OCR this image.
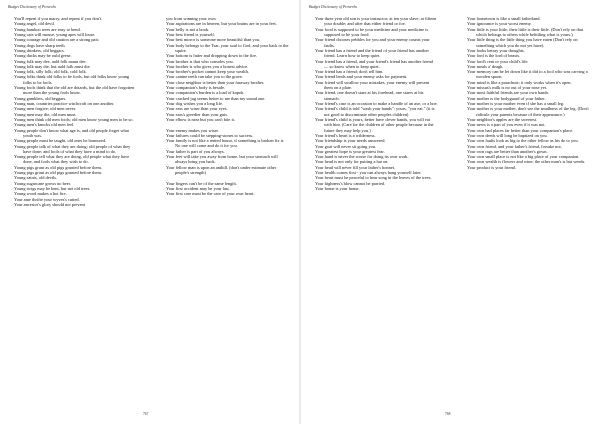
Budget Dictionary of Proverbs

You'll repent if you marry, and repent if you don't.

Young angel, old devil.

Young bamboo trees are easy to bend.

Young cats will mouse, young apes will louse.

Young courage and old caution are a strong pair.

Young dogs have sharp teeth.

Young drinkers, old beggars.

Young ducks may be ould geese.

Young folk may dee, auld folk maun dee.

Young folk may die, but auld folk must die.

Young folk, silly folk; old folk, cold folk.

Young folks think old folks to be fools, but old folks know young folks to be fools.

Young fools think that the old are dotards, but the old have forgotten more than the young fools know.

Young gamblers, old beggars.

Young man, countries practice witchcraft on one another.

Young men forgive; old men never.

Young men may die, old men must.

Young men think old men fools; old men know young men to be so.

Young men's knocks old men feel.

Young people don't know what age is, and old people forget what youth was.

Young people must be taught, old ones be honoured.

Young people talk of what they are doing; old people of what they have done; and fools of what they have a mind to do.

Young people tell what they are doing, old people what they have done, and fools what they wish to do.

Young pigs grunt as old pigs grunted before them.

Young pigs grunt as old pigs grunted before them.

Young saints, old devils.

Young sugarcane grows no beer.

Young twigs may be bent, but not old trees.

Young wood makes a hot fire.

Your ame thrifte your wyves's cutted.

Your ancestor's glory should not prevent

you from winning your own.

Your aspirations are in heaven, but your brains are in your feet.

Your belly is not a book.

Your best friend is yourself.

Your best mirror is someone more beautiful than you.

Your body belongs to the Tsar, your soul to God, and your back to the squire.

Your bottom is fatter and dropping down to the fire.

Your brother is that who consoles you.

Your brother is who gives you a honest advice.

Your brother's pocket cannot keep your wealth.

Your canine teeth can take you to the grave.

Your close neighbor is better than your faraway brother.

Your companion's body is beside.

Your companion's burden is a load of kapok.

Your cracked jug seems better to me than my sound one.

Your dog wishes you a long life.

Your ears are wiser than your eyes.

Your ears's greedier than your guts.

Your elbow is near but you can't bite it.

Your enemy makes you wiser.

Your failures could be stepping-stones to success.

Your family is not like a rented house, if something is broken fix it. No one will come and do it for you.

Your father is part of you always.

Your feet will take you away from home, but your stomach will always bring you back.

Your fellow man is upon an anthill. (don't under estimate other people's strength)

Your fingers can't be of the same length.

Your first accident may be your last.

Your first care must be the care of your own heart.

767
Budget Dictionary of Proverbs

Your three year old son is your instructor; at ten your slave; at fifteen your double; and after that either friend or foe.

Your food is supposed to be your medicine and your medicine is supposed to be your food.

Your friend chooses pebbles for you and your enemy counts your faults.

Your friend has a friend and the friend of your friend has another friend. Learn how to keep quiet.

Your friend has a friend, and your friend's friend has another friend — so know when to keep quiet.

Your friend has a friend; don't tell him.

Your friend lends and your enemy asks for payment.

Your friend will swallow your mistakes, your enemy will present them on a plate.

Your friend, one doesn't stare at his forehead, one stares at his stomach.

Your friend's case is an occasion to make a handle of an axe, or a hoe.

Your friend's child is told "wash your hands"; yours, "you eat." (it is not good to discriminate other peoples children)

Your friend's child is yours, better have clever hands, you will eat with him. (Care for the children of other people because in the future they may help you.)

Your friend's heart is a wilderness.

Your friendship is your needs answered.

Your goat will never sit going you.

Your greatest hope is your greatest fear.

Your hand is never the worse for doing its own work.

Your head is not only for putting a hat on.

Your head will never fill your father's bonnet.

Your health comes first - you can always hang yourself later.

Your heart must be peaceful to hear song in the leaves of the trees.

Your highness's blow cannot be parried.

Your home is your home.

Your hometown is like a small fatherland.

Your ignorance is your worst enemy.

Your little is your little, their little is their little. (Don't rely on that which belongs to others while belittling what is yours.)

Your little thing is the little thing you have eaten (Don't rely on something which you do not yet have).

Your looks betray your thoughts.

Your lord is the lord of beasts.

Your lord's rent or your child's life.

Your meals a' deagh.

Your memory can be let down like it did to a fool who was carving a wooden spoon.

Your mind is like a parachute; it only works when it's open.

Your missus's milk is no out of your nose yet.

Your most faithful friends are your own hands.

Your mother is the bodyguard of your father.

Your mother is your mother even if she has a small leg.

Your mother is your mother, don't see the smallness of the leg. (Don't ridicule your parents because of their appearance.)

Your neighbor's apples are the sweetest.

Your news is a part of you even if it was not.

Your own bad places far better than your companion's place.

Your own deeds will long be baptized on you.

Your own faults look as big to the other fellow as his do to you.

Your own friend, and your father's friend, forsake not.

Your own rags are better than another's gown.

Your own small place is not like a big place of your companion.

Your own wealth is flowers and wine; the other man's is but weeds.

Your product is your friend.

768
